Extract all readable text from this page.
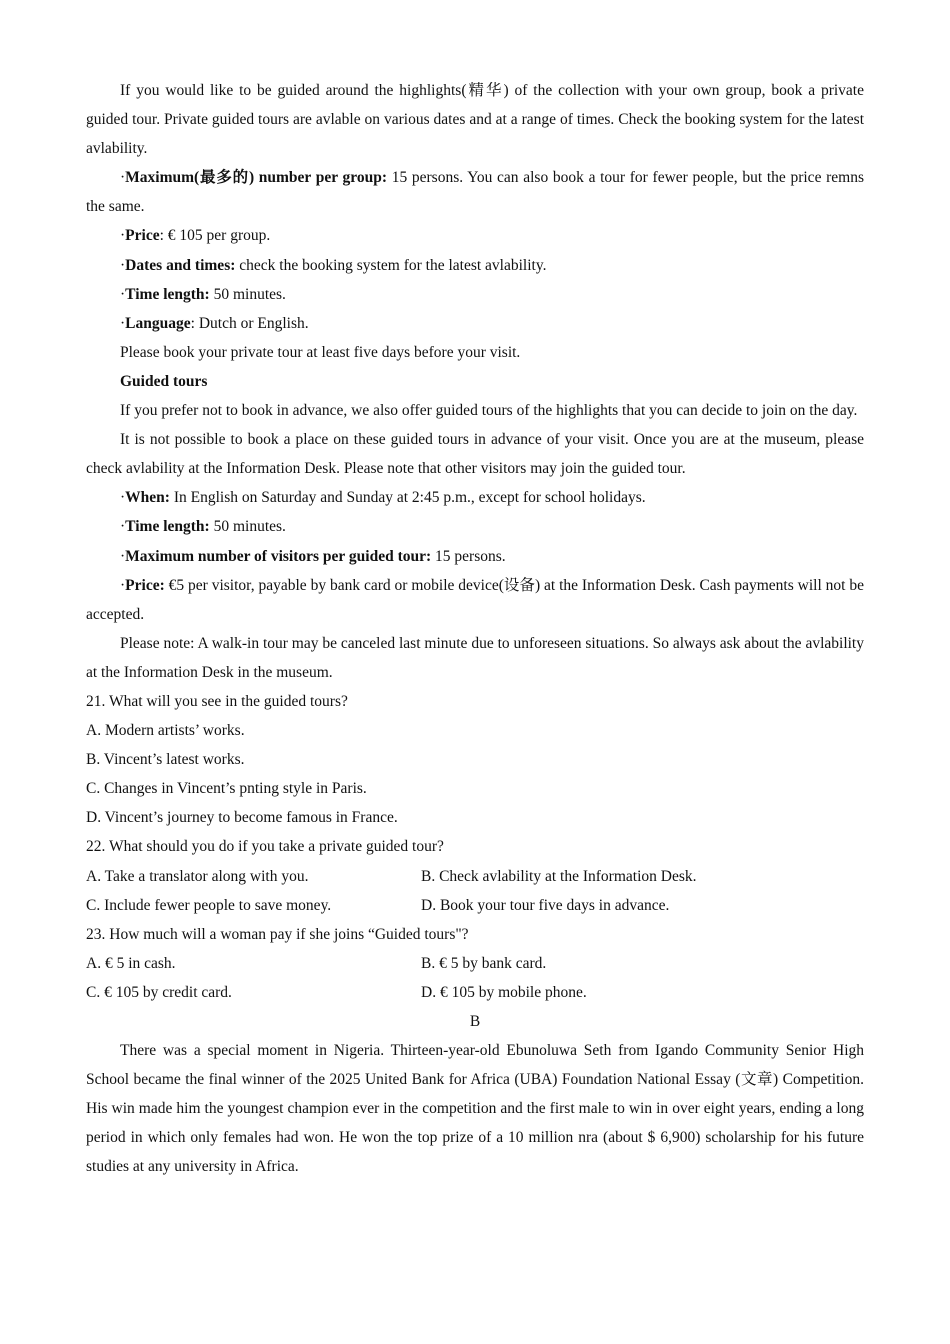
If you would like to be guided around the highlights(精华) of the collection with your own group, book a private guided tour. Private guided tours are avlable on various dates and at a range of times. Check the booking system for the latest avlability.

·Maximum(最多的) number per group: 15 persons. You can also book a tour for fewer people, but the price remns the same.

·Price: € 105 per group.

·Dates and times: check the booking system for the latest avlability.

·Time length: 50 minutes.

·Language: Dutch or English.

Please book your private tour at least five days before your visit.

Guided tours

If you prefer not to book in advance, we also offer guided tours of the highlights that you can decide to join on the day.

It is not possible to book a place on these guided tours in advance of your visit. Once you are at the museum, please check avlability at the Information Desk. Please note that other visitors may join the guided tour.

·When: In English on Saturday and Sunday at 2:45 p.m., except for school holidays.

·Time length: 50 minutes.

·Maximum number of visitors per guided tour: 15 persons.

·Price: €5 per visitor, payable by bank card or mobile device(设备) at the Information Desk. Cash payments will not be accepted.

Please note: A walk-in tour may be canceled last minute due to unforeseen situations. So always ask about the avlability at the Information Desk in the museum.

21. What will you see in the guided tours?

A. Modern artists’ works.

B. Vincent’s latest works.

C. Changes in Vincent’s pnting style in Paris.

D. Vincent’s journey to become famous in France.

22. What should you do if you take a private guided tour?

A. Take a translator along with you.	B. Check avlability at the Information Desk.
C. Include fewer people to save money.	D. Book your tour five days in advance.

23. How much will a woman pay if she joins “Guided tours"?

A. € 5 in cash.	B. € 5 by bank card.
C. € 105 by credit card.	D. € 105 by mobile phone.

B

There was a special moment in Nigeria. Thirteen-year-old Ebunoluwa Seth from Igando Community Senior High School became the final winner of the 2025 United Bank for Africa (UBA) Foundation National Essay (文章) Competition. His win made him the youngest champion ever in the competition and the first male to win in over eight years, ending a long period in which only females had won. He won the top prize of a 10 million nra (about $ 6,900) scholarship for his future studies at any university in Africa.
